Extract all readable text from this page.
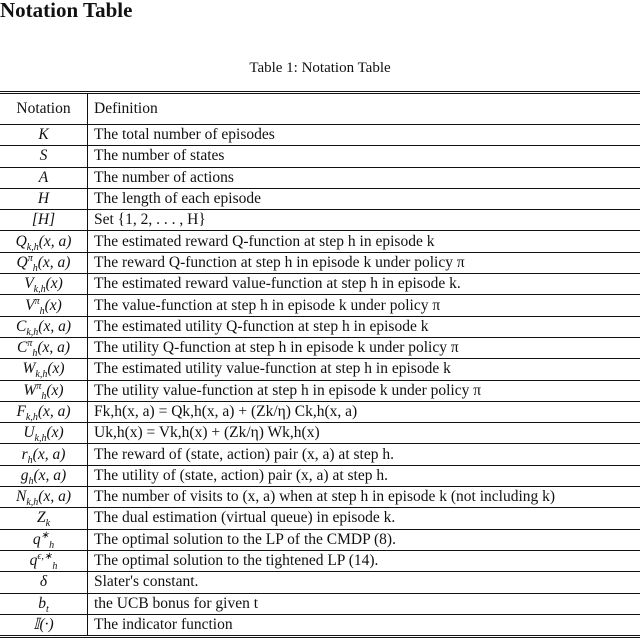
Notation Table
Table 1: Notation Table
Notation	Definition
K	The total number of episodes
S	The number of states
A	The number of actions
H	The length of each episode
[H]	Set {1, 2, . . . , H}
$Q_{k,h}(x$, a)	The estimated reward Q-function at step h in episode k
$Q^\pi_h(x$, a)	The reward Q-function at step h in episode k under policy π
$V_{k,h}(x)$	The estimated reward value-function at step h in episode k.
$V^\pi_h(x)$	The value-function at step h in episode k under policy π
$C_{k,h}(x$, a)	The estimated utility Q-function at step h in episode k
$C^\pi_h(x$, a)	The utility Q-function at step h in episode k under policy π
$W_{k,h}(x)$	The estimated utility value-function at step h in episode k
$W^\pi_h(x)$	The utility value-function at step h in episode k under policy π
$F_{k,h}(x$, a)	Fk,h(x, a) = Qk,h(x, a) + (Zk/η) Ck,h(x, a)
$U_{k,h}(x)$	Uk,h(x) = Vk,h(x) + (Zk/η) Wk,h(x)
$r_h(x$, a)	The reward of (state, action) pair (x, a) at step h.
$g_h(x$, a)	The utility of (state, action) pair (x, a) at step h.
$N_{k,h}(x$, a)	The number of visits to (x, a) when at step h in episode k (not including k)
$Z_k$	The dual estimation (virtual queue) in episode k.
$q^∗_h$	The optimal solution to the LP of the CMDP (8).
$q^{\epsilon,∗}_h$	The optimal solution to the tightened LP (14).
δ	Slater's constant.
$b_t$	the UCB bonus for given t
𝕀(·)	The indicator function
